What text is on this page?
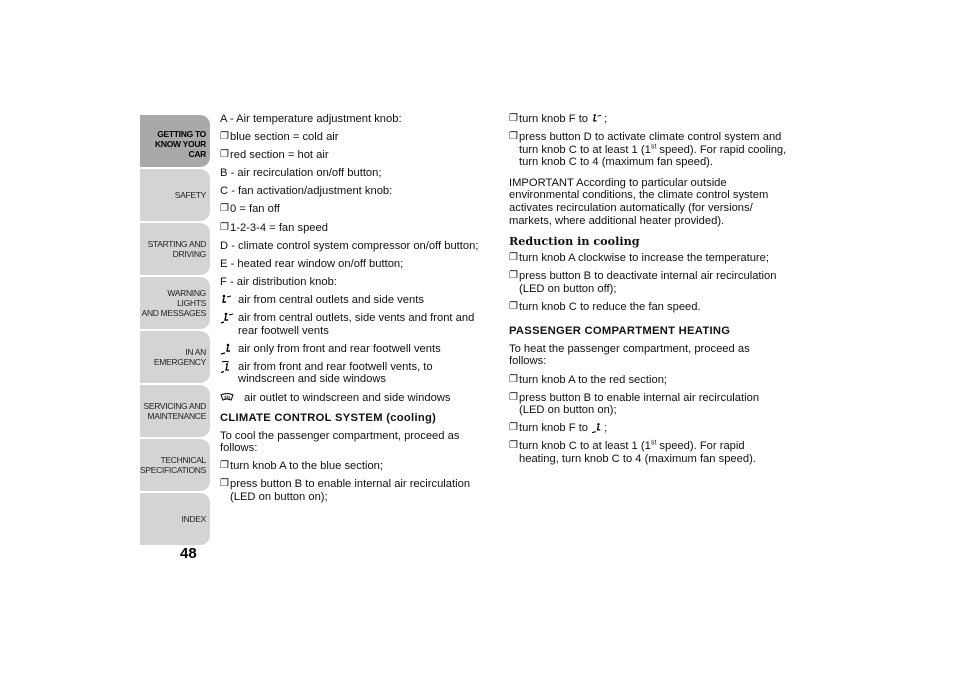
GETTING TO
KNOW YOUR CAR
SAFETY
STARTING AND
DRIVING
WARNING LIGHTS
AND MESSAGES
IN AN EMERGENCY
SERVICING AND
MAINTENANCE
TECHNICAL
SPECIFICATIONS
INDEX
48
A - Air temperature adjustment knob:
❐ blue section = cold air
❐ red section = hot air
B - air recirculation on/off button;
C - fan activation/adjustment knob:
❐ 0 = fan off
❐ 1-2-3-4 = fan speed
D - climate control system compressor on/off button;
E - heated rear window on/off button;
F - air distribution knob:
air from central outlets and side vents
air from central outlets, side vents and front and rear footwell vents
air only from front and rear footwell vents
air from front and rear footwell vents, to windscreen and side windows
air outlet to windscreen and side windows
CLIMATE CONTROL SYSTEM (cooling)
To cool the passenger compartment, proceed as follows:
❐ turn knob A to the blue section;
❐ press button B to enable internal air recirculation (LED on button on);
❐ turn knob F to ;
❐ press button D to activate climate control system and turn knob C to at least 1 (1st speed). For rapid cooling, turn knob C to 4 (maximum fan speed).
IMPORTANT According to particular outside environmental conditions, the climate control system activates recirculation automatically (for versions/ markets, where additional heater provided).
Reduction in cooling
❐ turn knob A clockwise to increase the temperature;
❐ press button B to deactivate internal air recirculation (LED on button off);
❐ turn knob C to reduce the fan speed.
PASSENGER COMPARTMENT HEATING
To heat the passenger compartment, proceed as follows:
❐ turn knob A to the red section;
❐ press button B to enable internal air recirculation (LED on button on);
❐ turn knob F to ;
❐ turn knob C to at least 1 (1st speed). For rapid heating, turn knob C to 4 (maximum fan speed).
